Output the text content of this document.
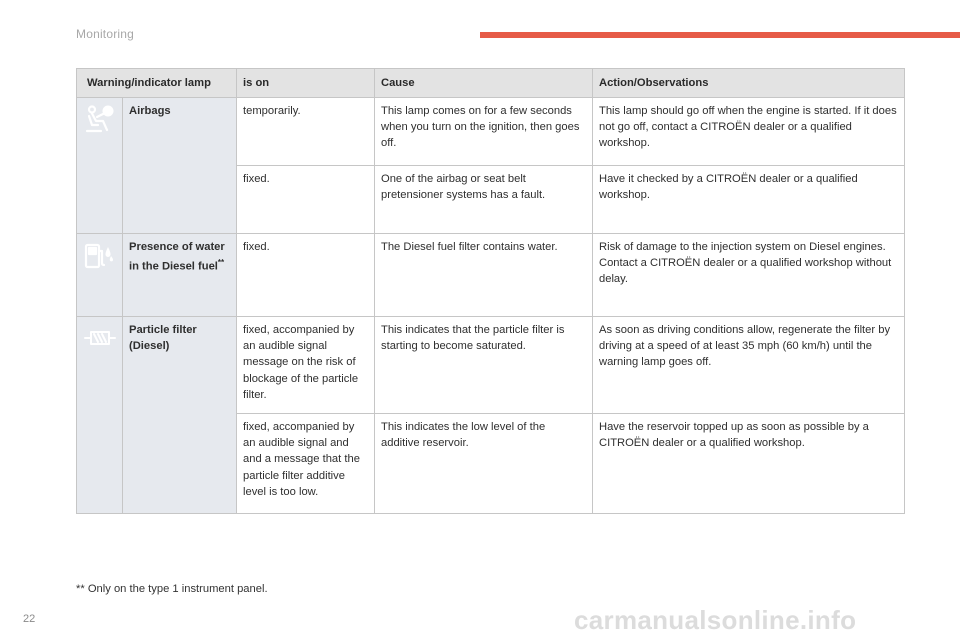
Monitoring
Warning/indicator lamp		is on	Cause	Action/Observations

	Airbags	temporarily.	This lamp comes on for a few seconds when you turn on the ignition, then goes off.	This lamp should go off when the engine is started. If it does not go off, contact a CITROËN dealer or a qualified workshop.
		fixed.	One of the airbag or seat belt pretensioner systems has a fault.	Have it checked by a CITROËN dealer or a qualified workshop.

	Presence of water in the Diesel fuel**	fixed.	The Diesel fuel filter contains water.	Risk of damage to the injection system on Diesel engines. Contact a CITROËN dealer or a qualified workshop without delay.

	Particle filter (Diesel)	fixed, accompanied by an audible signal message on the risk of blockage of the particle filter.	This indicates that the particle filter is starting to become saturated.	As soon as driving conditions allow, regenerate the filter by driving at a speed of at least 35 mph (60 km/h) until the warning lamp goes off.
		fixed, accompanied by an audible signal and and a message that the particle filter additive level is too low.	This indicates the low level of the additive reservoir.	Have the reservoir topped up as soon as possible by a CITROËN dealer or a qualified workshop.
** Only on the type 1 instrument panel.
22	carmanualsonline.info
